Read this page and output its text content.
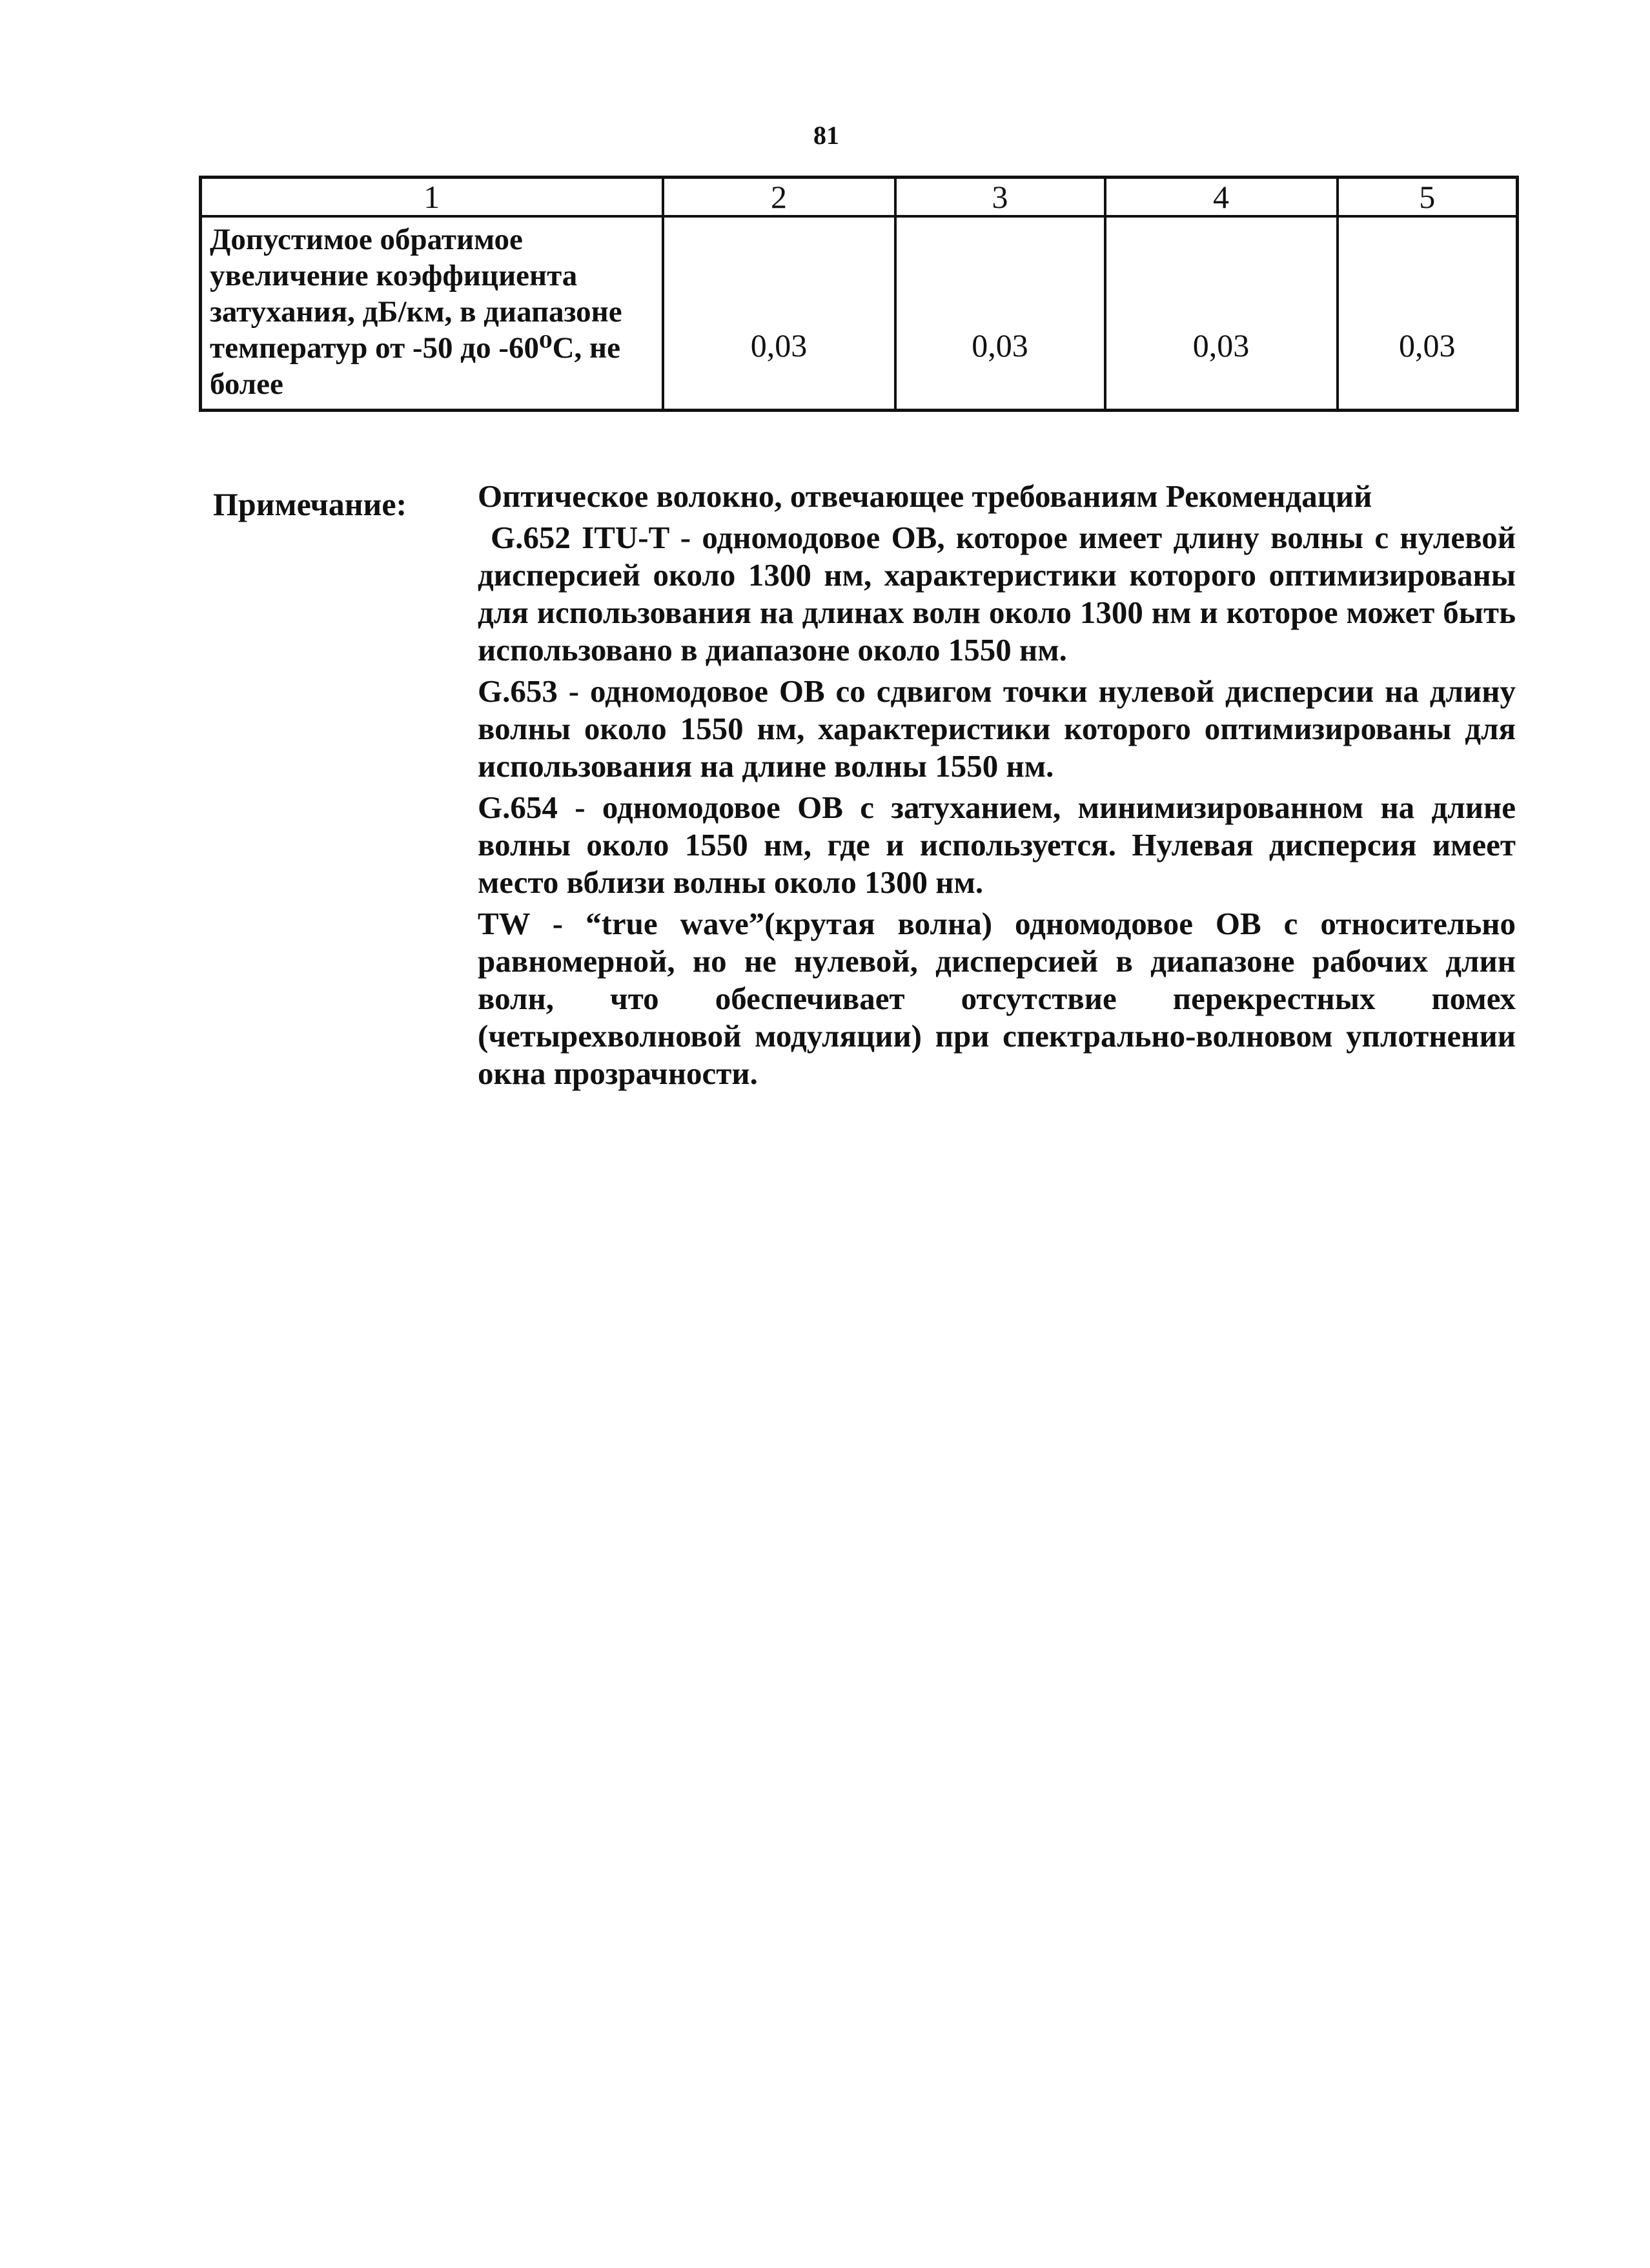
81
1	2	3	4	5
Допустимое обратимое увеличение коэффициента затухания, дБ/км, в диапазоне температур от -50 до -60⁰С, не более	0,03	0,03	0,03	0,03
Примечание: Оптическое волокно, отвечающее требованиям Рекомендаций

G.652 ITU-T - одномодовое ОВ, которое имеет длину волны с нулевой дисперсией около 1300 нм, характеристики которого оптимизированы для использования на длинах волн около 1300 нм и которое может быть использовано в диапазоне около 1550 нм.

G.653 - одномодовое ОВ со сдвигом точки нулевой дисперсии на длину волны около 1550 нм, характеристики которого оптимизированы для использования на длине волны 1550 нм.

G.654 - одномодовое ОВ с затуханием, минимизированном на длине волны около 1550 нм, где и используется. Нулевая дисперсия имеет место вблизи волны около 1300 нм.

TW - “true wave”(крутая волна) одномодовое ОВ с относительно равномерной, но не нулевой, дисперсией в диапазоне рабочих длин волн, что обеспечивает отсутствие перекрестных помех (четырехволновой модуляции) при спектрально-волновом уплотнении окна прозрачности.
